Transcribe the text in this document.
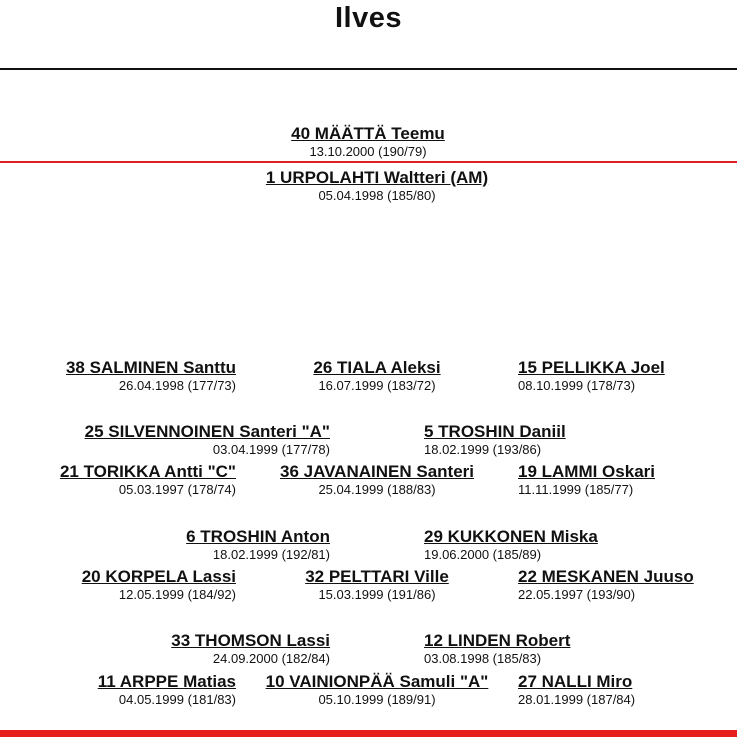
Ilves
40 MÄÄTTÄ Teemu
13.10.2000 (190/79)
1 URPOLAHTI Waltteri (AM)
05.04.1998 (185/80)
38 SALMINEN Santtu
26.04.1998 (177/73)
26 TIALA Aleksi
16.07.1999 (183/72)
15 PELLIKKA Joel
08.10.1999 (178/73)
25 SILVENNOINEN Santeri "A"
03.04.1999 (177/78)
5 TROSHIN Daniil
18.02.1999 (193/86)
21 TORIKKA Antti "C"
05.03.1997 (178/74)
36 JAVANAINEN Santeri
25.04.1999 (188/83)
19 LAMMI Oskari
11.11.1999 (185/77)
6 TROSHIN Anton
18.02.1999 (192/81)
29 KUKKONEN Miska
19.06.2000 (185/89)
20 KORPELA Lassi
12.05.1999 (184/92)
32 PELTTARI Ville
15.03.1999 (191/86)
22 MESKANEN Juuso
22.05.1997 (193/90)
33 THOMSON Lassi
24.09.2000 (182/84)
12 LINDEN Robert
03.08.1998 (185/83)
11 ARPPE Matias
04.05.1999 (181/83)
10 VAINIONPÄÄ Samuli "A"
05.10.1999 (189/91)
27 NALLI Miro
28.01.1999 (187/84)
